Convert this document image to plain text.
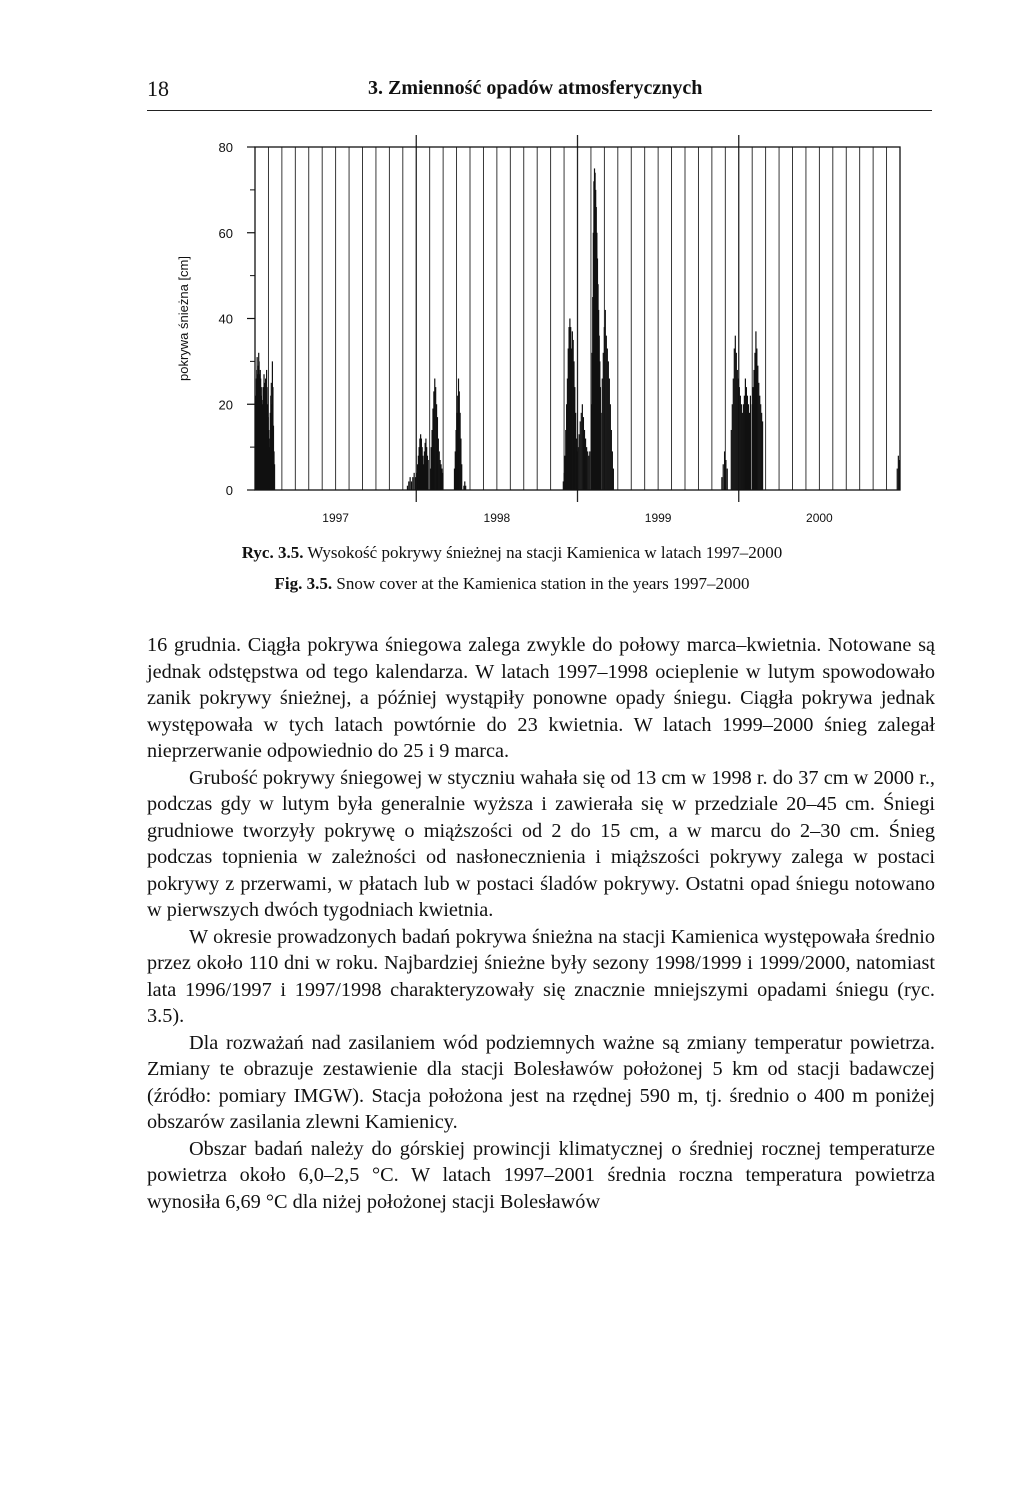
18	3. Zmienność opadów atmosferycznych
0
20
40
60
80
pokrywa śnieżna [cm]
1997	1998	1999	2000
Ryc. 3.5. Wysokość pokrywy śnieżnej na stacji Kamienica w latach 1997–2000
Fig. 3.5. Snow cover at the Kamienica station in the years 1997–2000

16 grudnia. Ciągła pokrywa śniegowa zalega zwykle do połowy marca–kwietnia. Notowane są jednak odstępstwa od tego kalendarza. W latach 1997–1998 ocieplenie w lutym spowodowało zanik pokrywy śnieżnej, a później wystąpiły ponowne opady śniegu. Ciągła pokrywa jednak występowała w tych latach powtórnie do 23 kwietnia. W latach 1999–2000 śnieg zalegał nieprzerwanie odpowiednio do 25 i 9 marca.

Grubość pokrywy śniegowej w styczniu wahała się od 13 cm w 1998 r. do 37 cm w 2000 r., podczas gdy w lutym była generalnie wyższa i zawierała się w przedziale 20–45 cm. Śniegi grudniowe tworzyły pokrywę o miąższości od 2 do 15 cm, a w marcu do 2–30 cm. Śnieg podczas topnienia w zależności od nasłonecznienia i miąższości pokrywy zalega w postaci pokrywy z przerwami, w płatach lub w postaci śladów pokrywy. Ostatni opad śniegu notowano w pierwszych dwóch tygodniach kwietnia.

W okresie prowadzonych badań pokrywa śnieżna na stacji Kamienica występowała średnio przez około 110 dni w roku. Najbardziej śnieżne były sezony 1998/1999 i 1999/2000, natomiast lata 1996/1997 i 1997/1998 charakteryzowały się znacznie mniejszymi opadami śniegu (ryc. 3.5).

Dla rozważań nad zasilaniem wód podziemnych ważne są zmiany temperatur powietrza. Zmiany te obrazuje zestawienie dla stacji Bolesławów położonej 5 km od stacji badawczej (źródło: pomiary IMGW). Stacja położona jest na rzędnej 590 m, tj. średnio o 400 m poniżej obszarów zasilania zlewni Kamienicy.

Obszar badań należy do górskiej prowincji klimatycznej o średniej rocznej temperaturze powietrza około 6,0–2,5 °C. W latach 1997–2001 średnia roczna temperatura powietrza wynosiła 6,69 °C dla niżej położonej stacji Bolesławów
